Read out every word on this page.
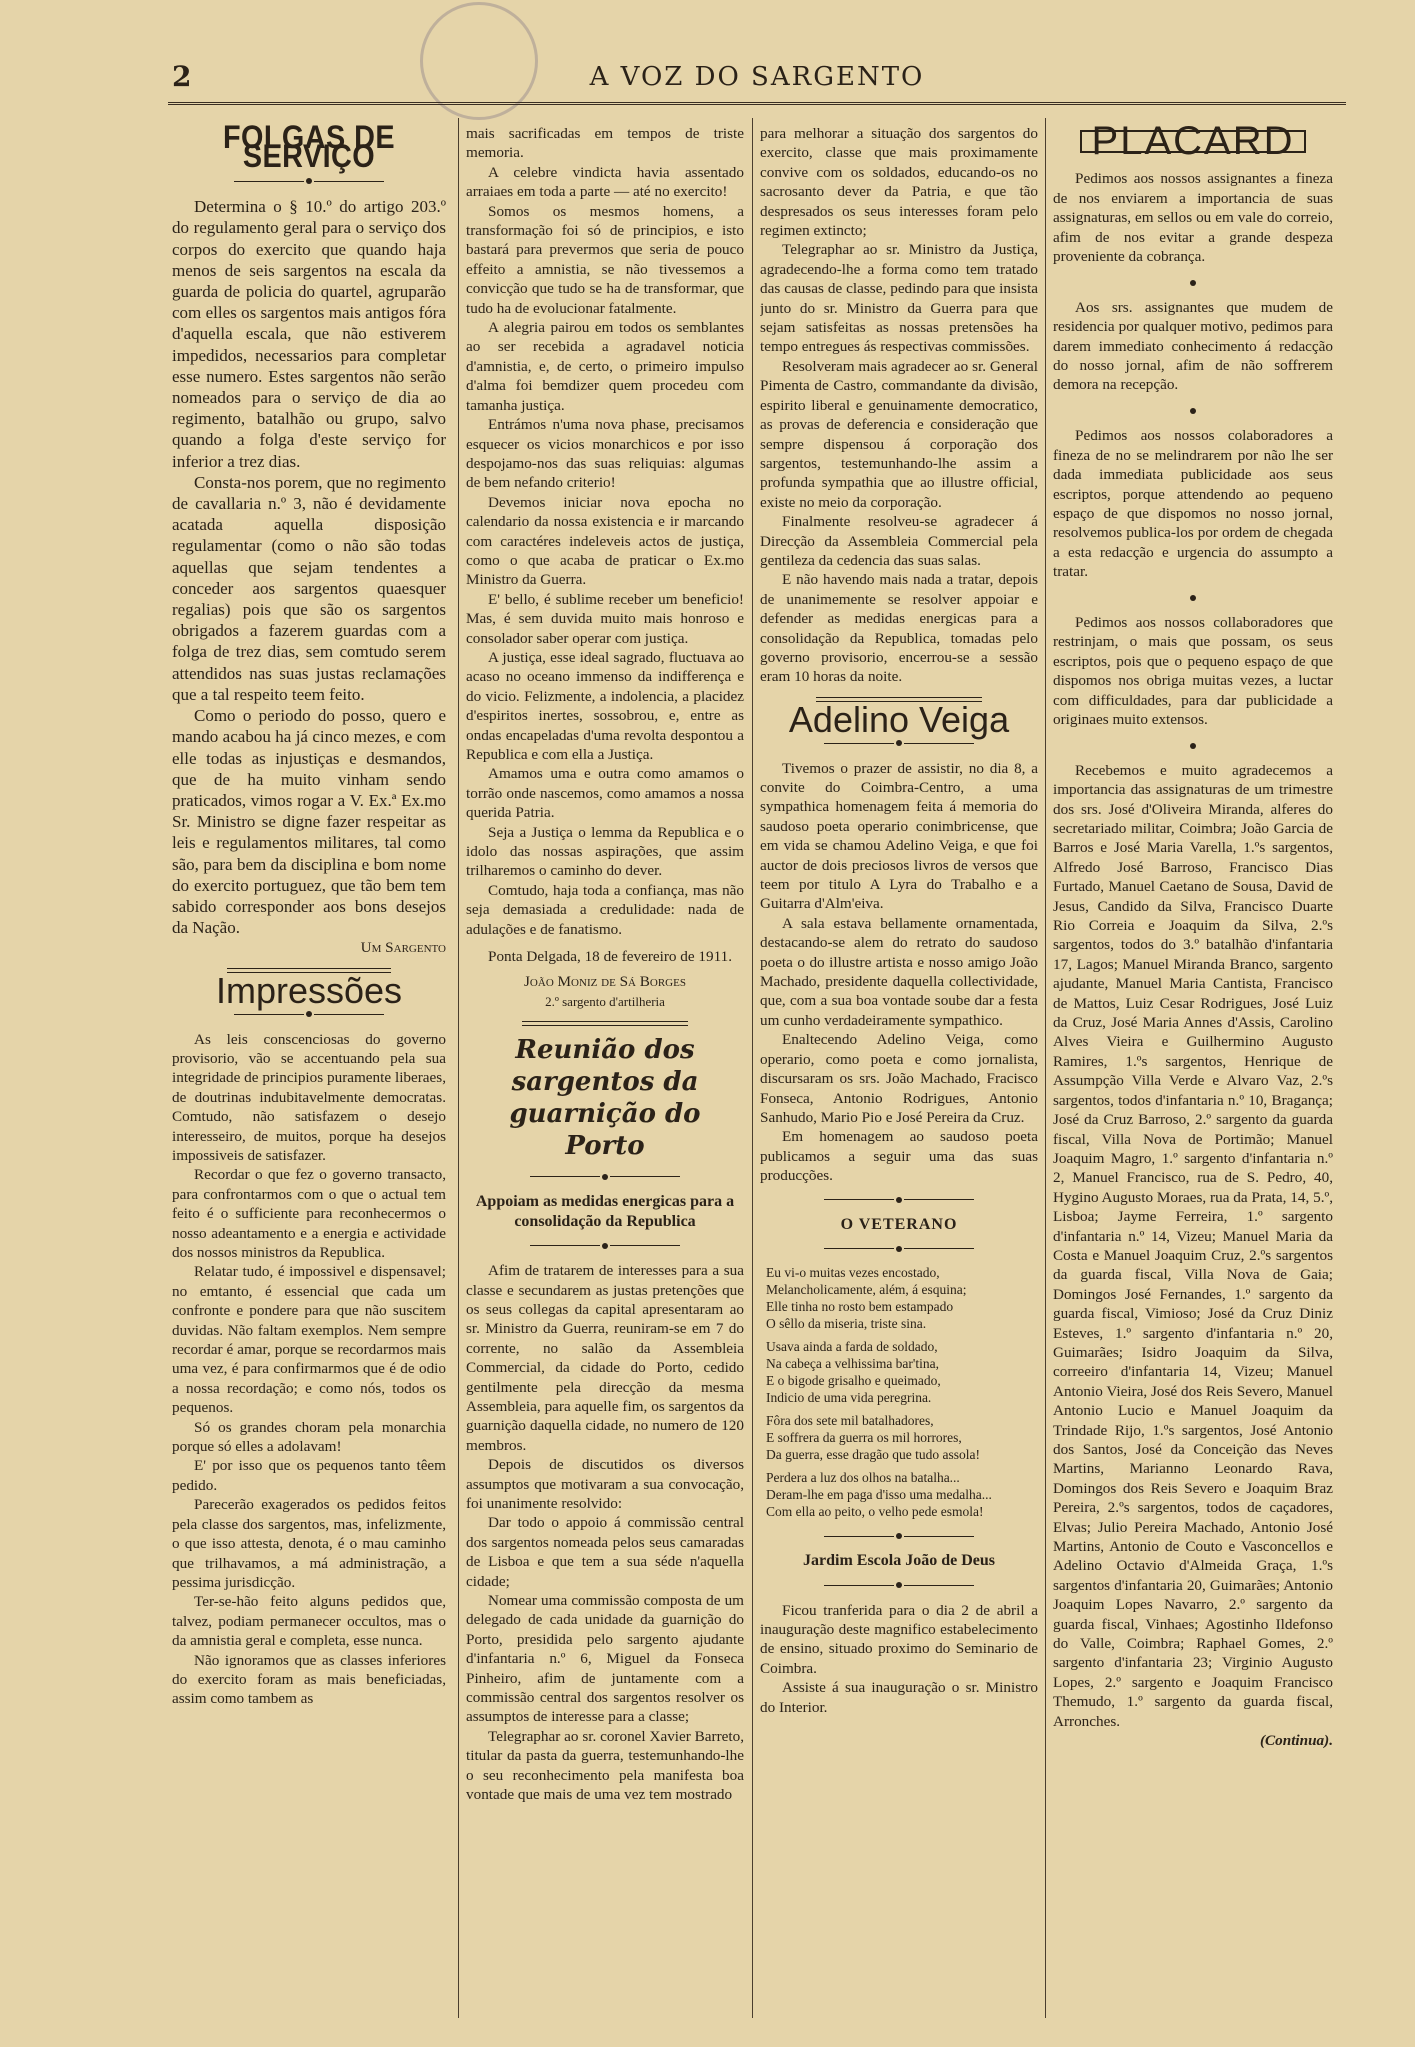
2	A VOZ DO SARGENTO
FOLGAS DE SERVIÇO

Determina o § 10.º do artigo 203.º do regulamento geral para o serviço dos corpos do exercito que quando haja menos de seis sargentos na escala da guarda de policia do quartel, agruparão com elles os sargentos mais antigos fóra d'aquella escala, que não estiverem impedidos, necessarios para completar esse numero. Estes sargentos não serão nomeados para o serviço de dia ao regimento, batalhão ou grupo, salvo quando a folga d'este serviço for inferior a trez dias.

Consta-nos porem, que no regimento de cavallaria n.º 3, não é devidamente acatada aquella disposição regulamentar (como o não são todas aquellas que sejam tendentes a conceder aos sargentos quaesquer regalias) pois que são os sargentos obrigados a fazerem guardas com a folga de trez dias, sem comtudo serem attendidos nas suas justas reclamações que a tal respeito teem feito.

Como o periodo do posso, quero e mando acabou ha já cinco mezes, e com elle todas as injustiças e desmandos, que de ha muito vinham sendo praticados, vimos rogar a V. Ex.ª Ex.mo Sr. Ministro se digne fazer respeitar as leis e regulamentos militares, tal como são, para bem da disciplina e bom nome do exercito portuguez, que tão bem tem sabido corresponder aos bons desejos da Nação.

Um Sargento

Impressões

As leis conscenciosas do governo provisorio, vão se accentuando pela sua integridade de principios puramente liberaes, de doutrinas indubitavelmente democratas. Comtudo, não satisfazem o desejo interesseiro, de muitos, porque ha desejos impossiveis de satisfazer.

Recordar o que fez o governo transacto, para confrontarmos com o que o actual tem feito é o sufficiente para reconhecermos o nosso adeantamento e a energia e actividade dos nossos ministros da Republica.

Relatar tudo, é impossivel e dispensavel; no emtanto, é essencial que cada um confronte e pondere para que não suscitem duvidas. Não faltam exemplos. Nem sempre recordar é amar, porque se recordarmos mais uma vez, é para confirmarmos que é de odio a nossa recordação; e como nós, todos os pequenos.

Só os grandes choram pela monarchia porque só elles a adolavam!

E' por isso que os pequenos tanto têem pedido.

Parecerão exagerados os pedidos feitos pela classe dos sargentos, mas, infelizmente, o que isso attesta, denota, é o mau caminho que trilhavamos, a má administração, a pessima jurisdicção.

Ter-se-hão feito alguns pedidos que, talvez, podiam permanecer occultos, mas o da amnistia geral e completa, esse nunca.

Não ignoramos que as classes inferiores do exercito foram as mais beneficiadas, assim como tambem as

mais sacrificadas em tempos de triste memoria.

A celebre vindicta havia assentado arraiaes em toda a parte — até no exercito!

Somos os mesmos homens, a transformação foi só de principios, e isto bastará para prevermos que seria de pouco effeito a amnistia, se não tivessemos a convicção que tudo se ha de transformar, que tudo ha de evolucionar fatalmente.

A alegria pairou em todos os semblantes ao ser recebida a agradavel noticia d'amnistia, e, de certo, o primeiro impulso d'alma foi bemdizer quem procedeu com tamanha justiça.

Entrámos n'uma nova phase, precisamos esquecer os vicios monarchicos e por isso despojamo-nos das suas reliquias: algumas de bem nefando criterio!

Devemos iniciar nova epocha no calendario da nossa existencia e ir marcando com caractéres indeleveis actos de justiça, como o que acaba de praticar o Ex.mo Ministro da Guerra.

E' bello, é sublime receber um beneficio! Mas, é sem duvida muito mais honroso e consolador saber operar com justiça.

A justiça, esse ideal sagrado, fluctuava ao acaso no oceano immenso da indifferença e do vicio. Felizmente, a indolencia, a placidez d'espiritos inertes, sossobrou, e, entre as ondas encapeladas d'uma revolta despontou a Republica e com ella a Justiça.

Amamos uma e outra como amamos o torrão onde nascemos, como amamos a nossa querida Patria.

Seja a Justiça o lemma da Republica e o idolo das nossas aspirações, que assim trilharemos o caminho do dever.

Comtudo, haja toda a confiança, mas não seja demasiada a credulidade: nada de adulações e de fanatismo.

Ponta Delgada, 18 de fevereiro de 1911.

João Moniz de Sá Borges

2.º sargento d'artilheria

Reunião dos sargentos da guarnição do Porto
Appoiam as medidas energicas para a consolidação da Republica

Afim de tratarem de interesses para a sua classe e secundarem as justas pretenções que os seus collegas da capital apresentaram ao sr. Ministro da Guerra, reuniram-se em 7 do corrente, no salão da Assembleia Commercial, da cidade do Porto, cedido gentilmente pela direcção da mesma Assembleia, para aquelle fim, os sargentos da guarnição daquella cidade, no numero de 120 membros.

Depois de discutidos os diversos assumptos que motivaram a sua convocação, foi unanimente resolvido:

Dar todo o appoio á commissão central dos sargentos nomeada pelos seus camaradas de Lisboa e que tem a sua séde n'aquella cidade;

Nomear uma commissão composta de um delegado de cada unidade da guarnição do Porto, presidida pelo sargento ajudante d'infantaria n.º 6, Miguel da Fonseca Pinheiro, afim de juntamente com a commissão central dos sargentos resolver os assumptos de interesse para a classe;

Telegraphar ao sr. coronel Xavier Barreto, titular da pasta da guerra, testemunhando-lhe o seu reconhecimento pela manifesta boa vontade que mais de uma vez tem mostrado

para melhorar a situação dos sargentos do exercito, classe que mais proximamente convive com os soldados, educando-os no sacrosanto dever da Patria, e que tão despresados os seus interesses foram pelo regimen extincto;

Telegraphar ao sr. Ministro da Justiça, agradecendo-lhe a forma como tem tratado das causas de classe, pedindo para que insista junto do sr. Ministro da Guerra para que sejam satisfeitas as nossas pretensões ha tempo entregues ás respectivas commissões.

Resolveram mais agradecer ao sr. General Pimenta de Castro, commandante da divisão, espirito liberal e genuinamente democratico, as provas de deferencia e consideração que sempre dispensou á corporação dos sargentos, testemunhando-lhe assim a profunda sympathia que ao illustre official, existe no meio da corporação.

Finalmente resolveu-se agradecer á Direcção da Assembleia Commercial pela gentileza da cedencia das suas salas.

E não havendo mais nada a tratar, depois de unanimemente se resolver appoiar e defender as medidas energicas para a consolidação da Republica, tomadas pelo governo provisorio, encerrou-se a sessão eram 10 horas da noite.

Adelino Veiga

Tivemos o prazer de assistir, no dia 8, a convite do Coimbra-Centro, a uma sympathica homenagem feita á memoria do saudoso poeta operario conimbricense, que em vida se chamou Adelino Veiga, e que foi auctor de dois preciosos livros de versos que teem por titulo A Lyra do Trabalho e a Guitarra d'Alm'eiva.

A sala estava bellamente ornamentada, destacando-se alem do retrato do saudoso poeta o do illustre artista e nosso amigo João Machado, presidente daquella collectividade, que, com a sua boa vontade soube dar a festa um cunho verdadeiramente sympathico.

Enaltecendo Adelino Veiga, como operario, como poeta e como jornalista, discursaram os srs. João Machado, Fracisco Fonseca, Antonio Rodrigues, Antonio Sanhudo, Mario Pio e José Pereira da Cruz.

Em homenagem ao saudoso poeta publicamos a seguir uma das suas producções.

O VETERANO
Eu vi-o muitas vezes encostado,
Melancholicamente, além, á esquina;
Elle tinha no rosto bem estampado
O sêllo da miseria, triste sina.
Usava ainda a farda de soldado,
Na cabeça a velhissima bar'tina,
E o bigode grisalho e queimado,
Indicio de uma vida peregrina.
Fôra dos sete mil batalhadores,
E soffrera da guerra os mil horrores,
Da guerra, esse dragão que tudo assola!
Perdera a luz dos olhos na batalha...
Deram-lhe em paga d'isso uma medalha...
Com ella ao peito, o velho pede esmola!
Jardim Escola João de Deus

Ficou tranferida para o dia 2 de abril a inauguração deste magnifico estabelecimento de ensino, situado proximo do Seminario de Coimbra.

Assiste á sua inauguração o sr. Ministro do Interior.

PLACARD

Pedimos aos nossos assignantes a fineza de nos enviarem a importancia de suas assignaturas, em sellos ou em vale do correio, afim de nos evitar a grande despeza proveniente da cobrança.

Aos srs. assignantes que mudem de residencia por qualquer motivo, pedimos para darem immediato conhecimento á redacção do nosso jornal, afim de não soffrerem demora na recepção.

Pedimos aos nossos colaboradores a fineza de no se melindrarem por não lhe ser dada immediata publicidade aos seus escriptos, porque attendendo ao pequeno espaço de que dispomos no nosso jornal, resolvemos publica-los por ordem de chegada a esta redacção e urgencia do assumpto a tratar.

Pedimos aos nossos collaboradores que restrinjam, o mais que possam, os seus escriptos, pois que o pequeno espaço de que dispomos nos obriga muitas vezes, a luctar com difficuldades, para dar publicidade a originaes muito extensos.

Recebemos e muito agradecemos a importancia das assignaturas de um trimestre dos srs. José d'Oliveira Miranda, alferes do secretariado militar, Coimbra; João Garcia de Barros e José Maria Varella, 1.ºs sargentos, Alfredo José Barroso, Francisco Dias Furtado, Manuel Caetano de Sousa, David de Jesus, Candido da Silva, Francisco Duarte Rio Correia e Joaquim da Silva, 2.ºs sargentos, todos do 3.º batalhão d'infantaria 17, Lagos; Manuel Miranda Branco, sargento ajudante, Manuel Maria Cantista, Francisco de Mattos, Luiz Cesar Rodrigues, José Luiz da Cruz, José Maria Annes d'Assis, Carolino Alves Vieira e Guilhermino Augusto Ramires, 1.ºs sargentos, Henrique de Assumpção Villa Verde e Alvaro Vaz, 2.ºs sargentos, todos d'infantaria n.º 10, Bragança; José da Cruz Barroso, 2.º sargento da guarda fiscal, Villa Nova de Portimão; Manuel Joaquim Magro, 1.º sargento d'infantaria n.º 2, Manuel Francisco, rua de S. Pedro, 40, Hygino Augusto Moraes, rua da Prata, 14, 5.º, Lisboa; Jayme Ferreira, 1.º sargento d'infantaria n.º 14, Vizeu; Manuel Maria da Costa e Manuel Joaquim Cruz, 2.ºs sargentos da guarda fiscal, Villa Nova de Gaia; Domingos José Fernandes, 1.º sargento da guarda fiscal, Vimioso; José da Cruz Diniz Esteves, 1.º sargento d'infantaria n.º 20, Guimarães; Isidro Joaquim da Silva, correeiro d'infantaria 14, Vizeu; Manuel Antonio Vieira, José dos Reis Severo, Manuel Antonio Lucio e Manuel Joaquim da Trindade Rijo, 1.ºs sargentos, José Antonio dos Santos, José da Conceição das Neves Martins, Marianno Leonardo Rava, Domingos dos Reis Severo e Joaquim Braz Pereira, 2.ºs sargentos, todos de caçadores, Elvas; Julio Pereira Machado, Antonio José Martins, Antonio de Couto e Vasconcellos e Adelino Octavio d'Almeida Graça, 1.ºs sargentos d'infantaria 20, Guimarães; Antonio Joaquim Lopes Navarro, 2.º sargento da guarda fiscal, Vinhaes; Agostinho Ildefonso do Valle, Coimbra; Raphael Gomes, 2.º sargento d'infantaria 23; Virginio Augusto Lopes, 2.º sargento e Joaquim Francisco Themudo, 1.º sargento da guarda fiscal, Arronches.

(Continua).
